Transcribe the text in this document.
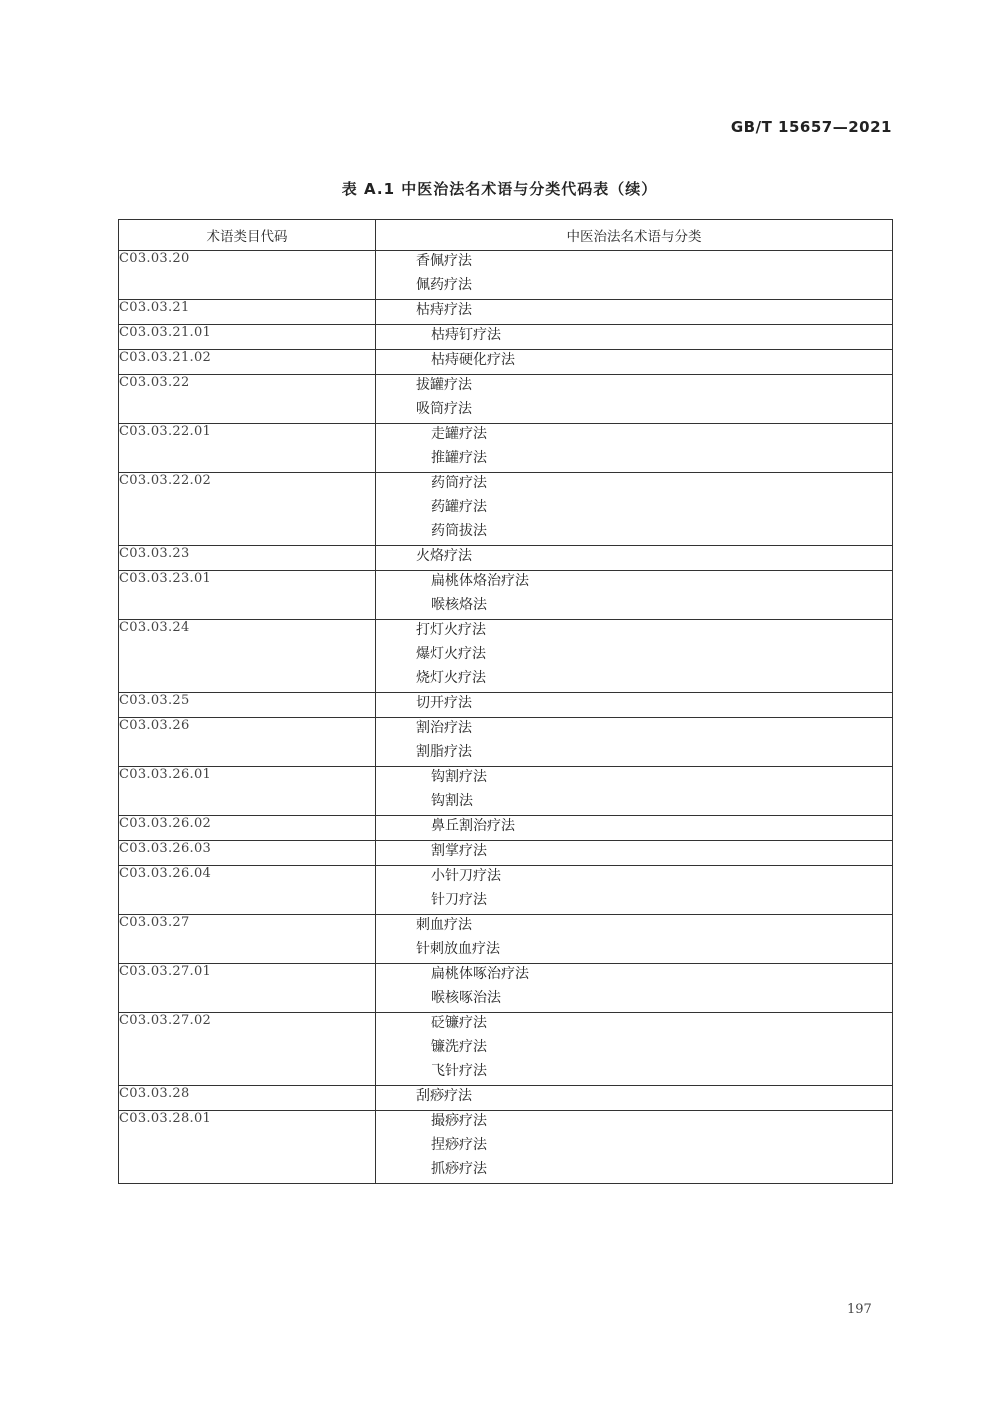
GB/T 15657—2021
表 A.1 中医治法名术语与分类代码表（续）
术语类目代码	中医治法名术语与分类
C03.03.20	香佩疗法
佩药疗法

C03.03.21	枯痔疗法

C03.03.21.01	枯痔钉疗法

C03.03.21.02	枯痔硬化疗法

C03.03.22	拔罐疗法
吸筒疗法

C03.03.22.01	走罐疗法
推罐疗法

C03.03.22.02	药筒疗法
药罐疗法
药筒拔法

C03.03.23	火烙疗法

C03.03.23.01	扁桃体烙治疗法
喉核烙法

C03.03.24	打灯火疗法
爆灯火疗法
烧灯火疗法

C03.03.25	切开疗法

C03.03.26	割治疗法
割脂疗法

C03.03.26.01	钩割疗法
钩割法

C03.03.26.02	鼻丘割治疗法

C03.03.26.03	割掌疗法

C03.03.26.04	小针刀疗法
针刀疗法

C03.03.27	刺血疗法
针刺放血疗法

C03.03.27.01	扁桃体啄治疗法
喉核啄治法

C03.03.27.02	砭镰疗法
镰洗疗法
飞针疗法

C03.03.28	刮痧疗法

C03.03.28.01	撮痧疗法
捏痧疗法
抓痧疗法
197
